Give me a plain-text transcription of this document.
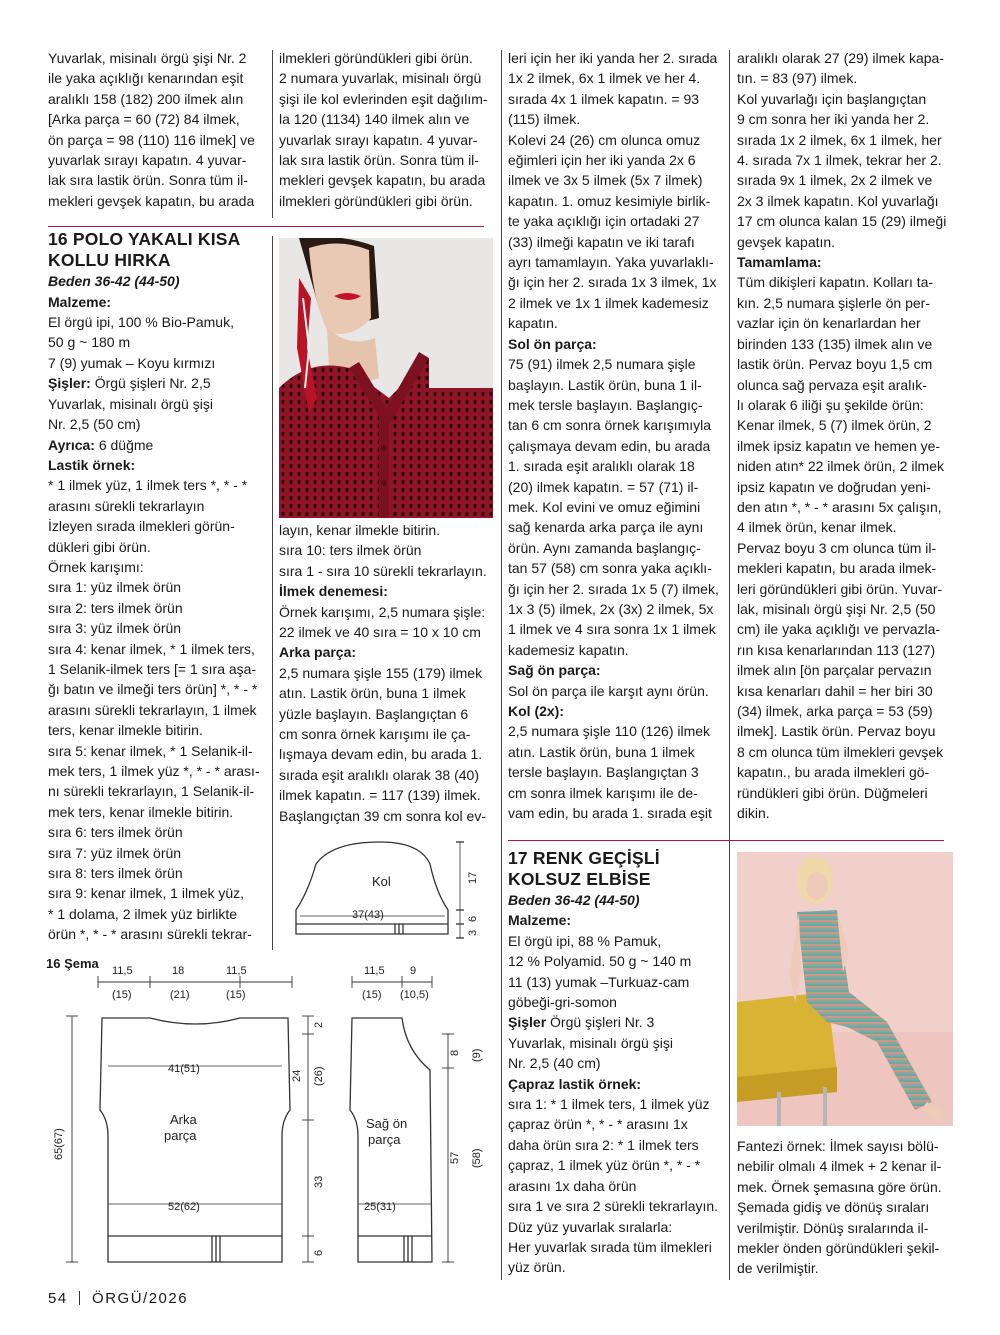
Yuvarlak, misinalı örgü şişi Nr. 2

ile yaka açıklığı kenarından eşit

aralıklı 158 (182) 200 ilmek alın

[Arka parça = 60 (72) 84 ilmek,

ön parça = 98 (110) 116 ilmek] ve

yuvarlak sırayı kapatın. 4 yuvar-

lak sıra lastik örün. Sonra tüm il-

mekleri gevşek kapatın, bu arada

16 POLO YAKALI KISA
KOLLU HIRKA

Beden 36-42 (44-50)

Malzeme:

El örgü ipi, 100 % Bio-Pamuk,

50 g ~ 180 m

7 (9) yumak – Koyu kırmızı

Şişler: Örgü şişleri Nr. 2,5

Yuvarlak, misinalı örgü şişi

Nr. 2,5 (50 cm)

Ayrıca: 6 düğme

Lastik örnek:

* 1 ilmek yüz, 1 ilmek ters *, * - *

arasını sürekli tekrarlayın

İzleyen sırada ilmekleri görün-

dükleri gibi örün.

Örnek karışımı:

sıra 1: yüz ilmek örün

sıra 2: ters ilmek örün

sıra 3: yüz ilmek örün

sıra 4: kenar ilmek, * 1 ilmek ters,

1 Selanik-ilmek ters [= 1 sıra aşa-

ğı batın ve ilmeği ters örün] *, * - *

arasını sürekli tekrarlayın, 1 ilmek

ters, kenar ilmekle bitirin.

sıra 5: kenar ilmek, * 1 Selanik-il-

mek ters, 1 ilmek yüz *, * - * arası-

nı sürekli tekrarlayın, 1 Selanik-il-

mek ters, kenar ilmekle bitirin.

sıra 6: ters ilmek örün

sıra 7: yüz ilmek örün

sıra 8: ters ilmek örün

sıra 9: kenar ilmek, 1 ilmek yüz,

* 1 dolama, 2 ilmek yüz birlikte

örün *, * - * arasını sürekli tekrar-

ilmekleri göründükleri gibi örün.

2 numara yuvarlak, misinalı örgü

şişi ile kol evlerinden eşit dağılım-

la 120 (1134) 140 ilmek alın ve

yuvarlak sırayı kapatın. 4 yuvar-

lak sıra lastik örün. Sonra tüm il-

mekleri gevşek kapatın, bu arada

ilmekleri göründükleri gibi örün.

layın, kenar ilmekle bitirin.

sıra 10: ters ilmek örün

sıra 1 - sıra 10 sürekli tekrarlayın.

İlmek denemesi:

Örnek karışımı, 2,5 numara şişle:

22 ilmek ve 40 sıra = 10 x 10 cm

Arka parça:

2,5 numara şişle 155 (179) ilmek

atın. Lastik örün, buna 1 ilmek

yüzle başlayın. Başlangıçtan 6

cm sonra örnek karışımı ile ça-

lışmaya devam edin, bu arada 1.

sırada eşit aralıklı olarak 38 (40)

ilmek kapatın. = 117 (139) ilmek.

Başlangıçtan 39 cm sonra kol ev-

leri için her iki yanda her 2. sırada

1x 2 ilmek, 6x 1 ilmek ve her 4.

sırada 4x 1 ilmek kapatın. = 93

(115) ilmek.

Kolevi 24 (26) cm olunca omuz

eğimleri için her iki yanda 2x 6

ilmek ve 3x 5 ilmek (5x 7 ilmek)

kapatın. 1. omuz kesimiyle birlik-

te yaka açıklığı için ortadaki 27

(33) ilmeği kapatın ve iki tarafı

ayrı tamamlayın. Yaka yuvarlaklı-

ğı için her 2. sırada 1x 3 ilmek, 1x

2 ilmek ve 1x 1 ilmek kademesiz

kapatın.

Sol ön parça:

75 (91) ilmek 2,5 numara şişle

başlayın. Lastik örün, buna 1 il-

mek tersle başlayın. Başlangıç-

tan 6 cm sonra örnek karışımıyla

çalışmaya devam edin, bu arada

1. sırada eşit aralıklı olarak 18

(20) ilmek kapatın. = 57 (71) il-

mek. Kol evini ve omuz eğimini

sağ kenarda arka parça ile aynı

örün. Aynı zamanda başlangıç-

tan 57 (58) cm sonra yaka açıklı-

ğı için her 2. sırada 1x 5 (7) ilmek,

1x 3 (5) ilmek, 2x (3x) 2 ilmek, 5x

1 ilmek ve 4 sıra sonra 1x 1 ilmek

kademesiz kapatın.

Sağ ön parça:

Sol ön parça ile karşıt aynı örün.

Kol (2x):

2,5 numara şişle 110 (126) ilmek

atın. Lastik örün, buna 1 ilmek

tersle başlayın. Başlangıçtan 3

cm sonra ilmek karışımı ile de-

vam edin, bu arada 1. sırada eşit

17 RENK GEÇİŞLİ
KOLSUZ ELBİSE

Beden 36-42 (44-50)

Malzeme:

El örgü ipi, 88 % Pamuk,

12 % Polyamid. 50 g ~ 140 m

11 (13) yumak –Turkuaz-cam

göbeği-gri-somon

Şişler Örgü şişleri Nr. 3

Yuvarlak, misinalı örgü şişi

Nr. 2,5 (40 cm)

Çapraz lastik örnek:

sıra 1: * 1 ilmek ters, 1 ilmek yüz

çapraz örün *, * - * arasını 1x

daha örün sıra 2: * 1 ilmek ters

çapraz, 1 ilmek yüz örün *, * - *

arasını 1x daha örün

sıra 1 ve sıra 2 sürekli tekrarlayın.

Düz yüz yuvarlak sıralarla:

Her yuvarlak sırada tüm ilmekleri

yüz örün.

aralıklı olarak 27 (29) ilmek kapa-

tın. = 83 (97) ilmek.

Kol yuvarlağı için başlangıçtan

9 cm sonra her iki yanda her 2.

sırada 1x 2 ilmek, 6x 1 ilmek, her

4. sırada 7x 1 ilmek, tekrar her 2.

sırada 9x 1 ilmek, 2x 2 ilmek ve

2x 3 ilmek kapatın. Kol yuvarlağı

17 cm olunca kalan 15 (29) ilmeği

gevşek kapatın.

Tamamlama:

Tüm dikişleri kapatın. Kolları ta-

kın. 2,5 numara şişlerle ön per-

vazlar için ön kenarlardan her

birinden 133 (135) ilmek alın ve

lastik örün. Pervaz boyu 1,5 cm

olunca sağ pervaza eşit aralık-

lı olarak 6 iliği şu şekilde örün:

Kenar ilmek, 5 (7) ilmek örün, 2

ilmek ipsiz kapatın ve hemen ye-

niden atın* 22 ilmek örün, 2 ilmek

ipsiz kapatın ve doğrudan yeni-

den atın *, * - * arasını 5x çalışın,

4 ilmek örün, kenar ilmek.

Pervaz boyu 3 cm olunca tüm il-

mekleri kapatın, bu arada ilmek-

leri göründükleri gibi örün. Yuvar-

lak, misinalı örgü şişi Nr. 2,5 (50

cm) ile yaka açıklığı ve pervazla-

rın kısa kenarlarından 113 (127)

ilmek alın [ön parçalar pervazın

kısa kenarları dahil = her biri 30

(34) ilmek, arka parça = 53 (59)

ilmek]. Lastik örün. Pervaz boyu

8 cm olunca tüm ilmekleri gevşek

kapatın., bu arada ilmekleri gö-

ründükleri gibi örün. Düğmeleri

dikin.

Fantezi örnek: İlmek sayısı bölü-

nebilir olmalı 4 ilmek + 2 kenar il-

mek. Örnek şemasına göre örün.

Şemada gidiş ve dönüş sıraları

verilmiştir. Dönüş sıralarında il-

mekler önden göründükleri şekil-

de verilmiştir.

Kol
37(43)
17
6
3
16 Şema 11,5	18	11,5
(15)	(21)	(15)
41(51)
52(62)
65(67)
2
24 (26)
33
6
11,5 9
(15) (10,5)
25(31)
8 (9)
57 (58)
Arka
parça
Sağ ön
parça
54 ÖRGÜ/2026
